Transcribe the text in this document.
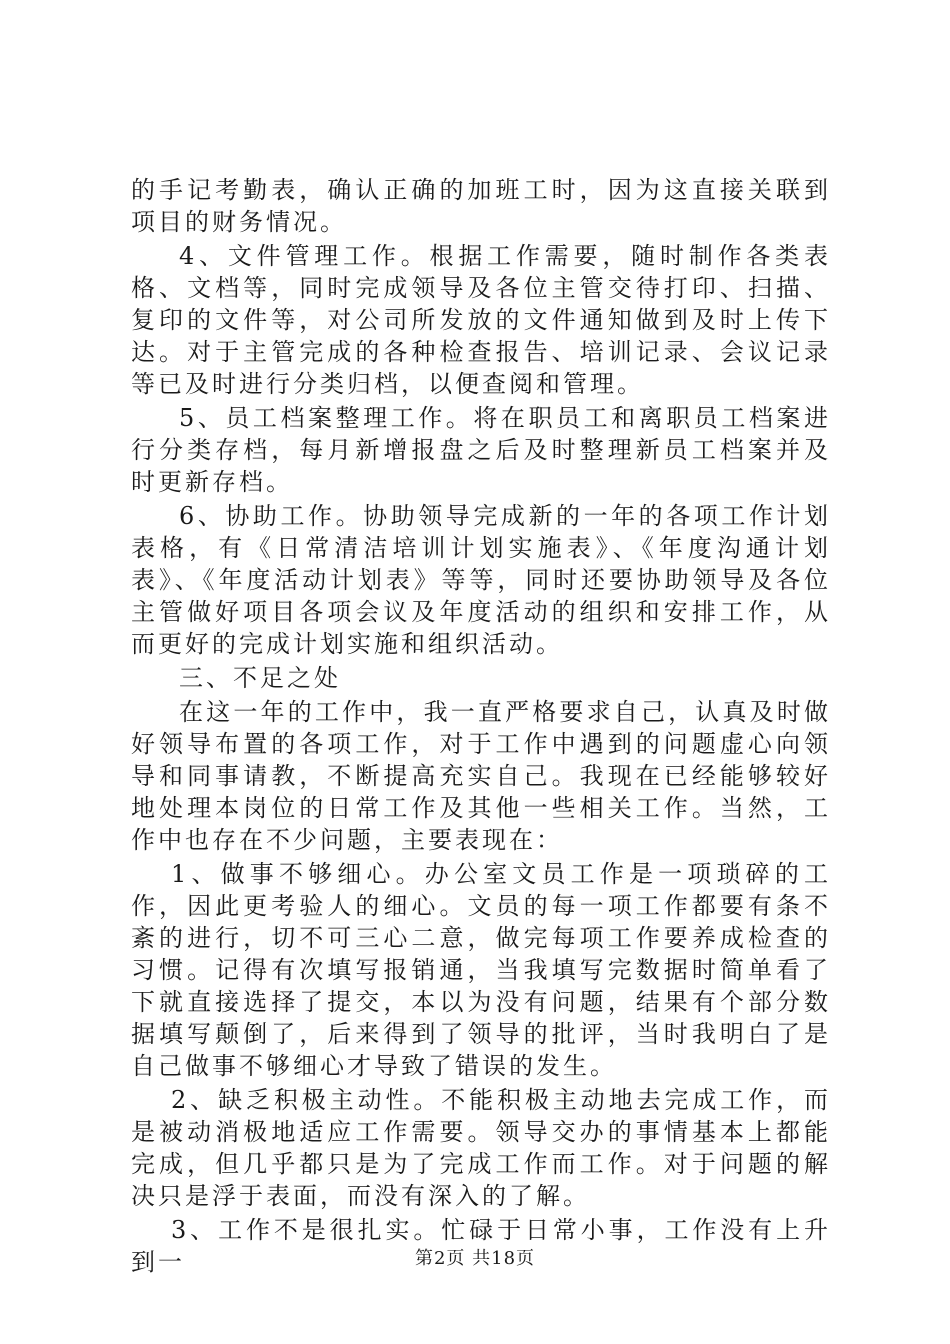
的手记考勤表，确认正确的加班工时，因为这直接关联到项目的财务情况。

4、文件管理工作。根据工作需要，随时制作各类表格、文档等，同时完成领导及各位主管交待打印、扫描、复印的文件等，对公司所发放的文件通知做到及时上传下达。对于主管完成的各种检查报告、培训记录、会议记录等已及时进行分类归档，以便查阅和管理。

5、员工档案整理工作。将在职员工和离职员工档案进行分类存档，每月新增报盘之后及时整理新员工档案并及时更新存档。

6、协助工作。协助领导完成新的一年的各项工作计划表格，有《日常清洁培训计划实施表》、《年度沟通计划表》、《年度活动计划表》等等，同时还要协助领导及各位主管做好项目各项会议及年度活动的组织和安排工作，从而更好的完成计划实施和组织活动。

三、不足之处

在这一年的工作中，我一直严格要求自己，认真及时做好领导布置的各项工作，对于工作中遇到的问题虚心向领导和同事请教，不断提高充实自己。我现在已经能够较好地处理本岗位的日常工作及其他一些相关工作。当然，工作中也存在不少问题，主要表现在：

1、做事不够细心。办公室文员工作是一项琐碎的工作，因此更考验人的细心。文员的每一项工作都要有条不紊的进行，切不可三心二意，做完每项工作要养成检查的习惯。记得有次填写报销通，当我填写完数据时简单看了下就直接选择了提交，本以为没有问题，结果有个部分数据填写颠倒了，后来得到了领导的批评，当时我明白了是自己做事不够细心才导致了错误的发生。

2、缺乏积极主动性。不能积极主动地去完成工作，而是被动消极地适应工作需要。领导交办的事情基本上都能完成，但几乎都只是为了完成工作而工作。对于问题的解决只是浮于表面，而没有深入的了解。

3、工作不是很扎实。忙碌于日常小事，工作没有上升到一	第2页 共18页
